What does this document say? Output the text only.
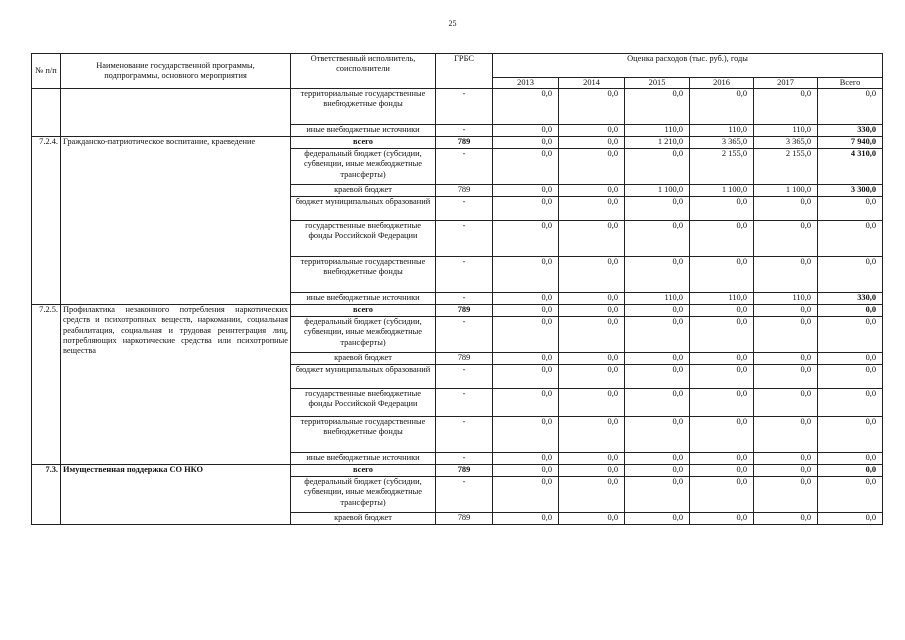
25
№ п/п	Наименование государственной программы, подпрограммы, основного мероприятия	Ответственный исполнитель, соисполнители	ГРБС	Оценка расходов (тыс. руб.), годы					
				2013	2014	2015	2016	2017	Всего
		территориальные государственные внебюджетные фонды	-	0,0	0,0	0,0	0,0	0,0	0,0
		иные внебюджетные источники	-	0,0	0,0	110,0	110,0	110,0	330,0
7.2.4.	Гражданско-патриотическое воспитание, краеведение	всего	789	0,0	0,0	1 210,0	3 365,0	3 365,0	7 940,0
		федеральный бюджет (субсидии, субвенции, иные межбюджетные трансферты)	-	0,0	0,0	0,0	2 155,0	2 155,0	4 310,0
		краевой бюджет	789	0,0	0,0	1 100,0	1 100,0	1 100,0	3 300,0
		бюджет муниципальных образований	-	0,0	0,0	0,0	0,0	0,0	0,0
		государственные внебюджетные фонды Российской Федерации	-	0,0	0,0	0,0	0,0	0,0	0,0
		территориальные государственные внебюджетные фонды	-	0,0	0,0	0,0	0,0	0,0	0,0
		иные внебюджетные источники	-	0,0	0,0	110,0	110,0	110,0	330,0
7.2.5.	Профилактика незаконного потребления наркотических средств и психотропных веществ, наркомании, социальная реабилитация, социальная и трудовая реинтеграция лиц, потребляющих наркотические средства или психотропные вещества	всего	789	0,0	0,0	0,0	0,0	0,0	0,0
		федеральный бюджет (субсидии, субвенции, иные межбюджетные трансферты)	-	0,0	0,0	0,0	0,0	0,0	0,0
		краевой бюджет	789	0,0	0,0	0,0	0,0	0,0	0,0
		бюджет муниципальных образований	-	0,0	0,0	0,0	0,0	0,0	0,0
		государственные внебюджетные фонды Российской Федерации	-	0,0	0,0	0,0	0,0	0,0	0,0
		территориальные государственные внебюджетные фонды	-	0,0	0,0	0,0	0,0	0,0	0,0
		иные внебюджетные источники	-	0,0	0,0	0,0	0,0	0,0	0,0
7.3.	Имущественная поддержка СО НКО	всего	789	0,0	0,0	0,0	0,0	0,0	0,0
		федеральный бюджет (субсидии, субвенции, иные межбюджетные трансферты)	-	0,0	0,0	0,0	0,0	0,0	0,0
		краевой бюджет	789	0,0	0,0	0,0	0,0	0,0	0,0
